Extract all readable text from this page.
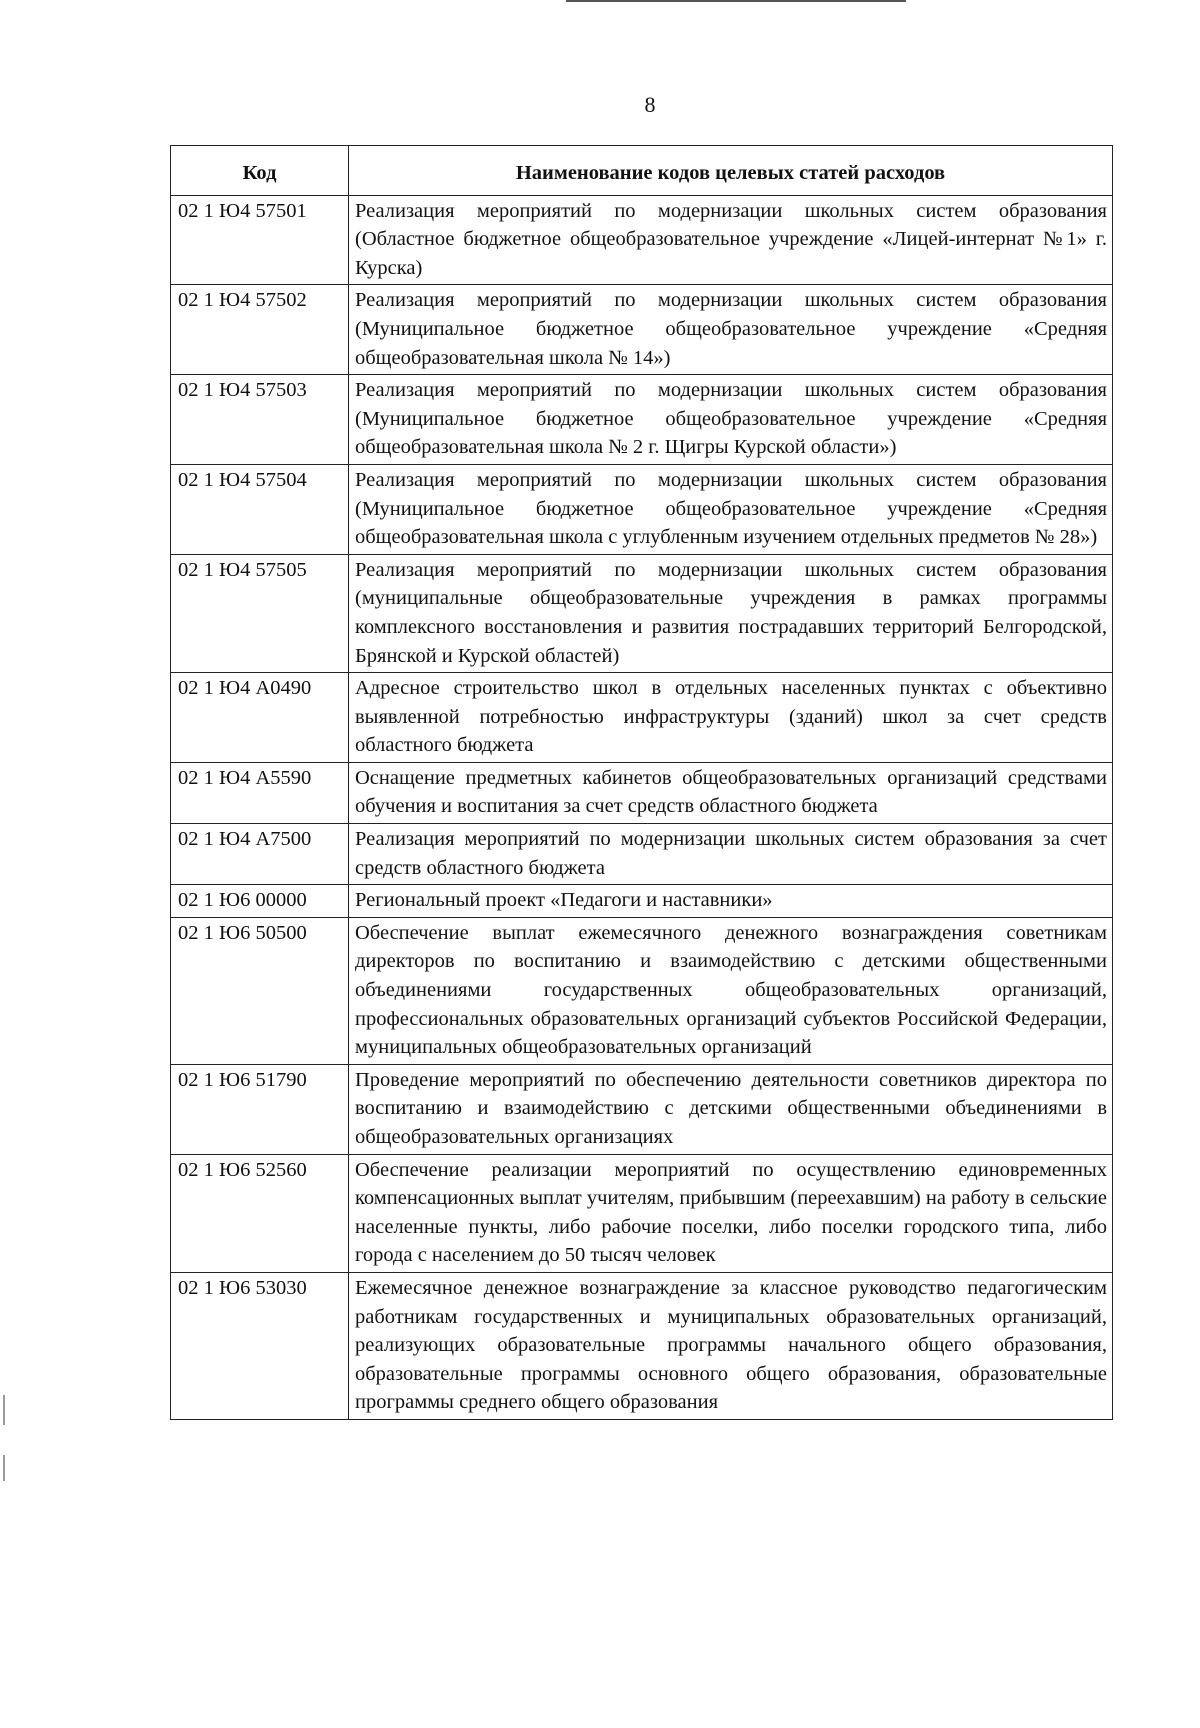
8
Код	Наименование кодов целевых статей расходов
02 1 Ю4 57501	Реализация мероприятий по модернизации школьных систем образования (Областное бюджетное общеобразовательное учреждение «Лицей-интернат №1» г. Курска)
02 1 Ю4 57502	Реализация мероприятий по модернизации школьных систем образования (Муниципальное бюджетное общеобразовательное учреждение «Средняя общеобразовательная школа № 14»)
02 1 Ю4 57503	Реализация мероприятий по модернизации школьных систем образования (Муниципальное бюджетное общеобразовательное учреждение «Средняя общеобразовательная школа № 2 г. Щигры Курской области»)
02 1 Ю4 57504	Реализация мероприятий по модернизации школьных систем образования (Муниципальное бюджетное общеобразовательное учреждение «Средняя общеобразовательная школа с углубленным изучением отдельных предметов № 28»)
02 1 Ю4 57505	Реализация мероприятий по модернизации школьных систем образования (муниципальные общеобразовательные учреждения в рамках программы комплексного восстановления и развития пострадавших территорий Белгородской, Брянской и Курской областей)
02 1 Ю4 А0490	Адресное строительство школ в отдельных населенных пунктах с объективно выявленной потребностью инфраструктуры (зданий) школ за счет средств областного бюджета
02 1 Ю4 А5590	Оснащение предметных кабинетов общеобразовательных организаций средствами обучения и воспитания за счет средств областного бюджета
02 1 Ю4 А7500	Реализация мероприятий по модернизации школьных систем образования за счет средств областного бюджета
02 1 Ю6 00000	Региональный проект «Педагоги и наставники»
02 1 Ю6 50500	Обеспечение выплат ежемесячного денежного вознаграждения советникам директоров по воспитанию и взаимодействию с детскими общественными объединениями государственных общеобразовательных организаций, профессиональных образовательных организаций субъектов Российской Федерации, муниципальных общеобразовательных организаций
02 1 Ю6 51790	Проведение мероприятий по обеспечению деятельности советников директора по воспитанию и взаимодействию с детскими общественными объединениями в общеобразовательных организациях
02 1 Ю6 52560	Обеспечение реализации мероприятий по осуществлению единовременных компенсационных выплат учителям, прибывшим (переехавшим) на работу в сельские населенные пункты, либо рабочие поселки, либо поселки городского типа, либо города с населением до 50 тысяч человек
02 1 Ю6 53030	Ежемесячное денежное вознаграждение за классное руководство педагогическим работникам государственных и муниципальных образовательных организаций, реализующих образовательные программы начального общего образования, образовательные программы основного общего образования, образовательные программы среднего общего образования
